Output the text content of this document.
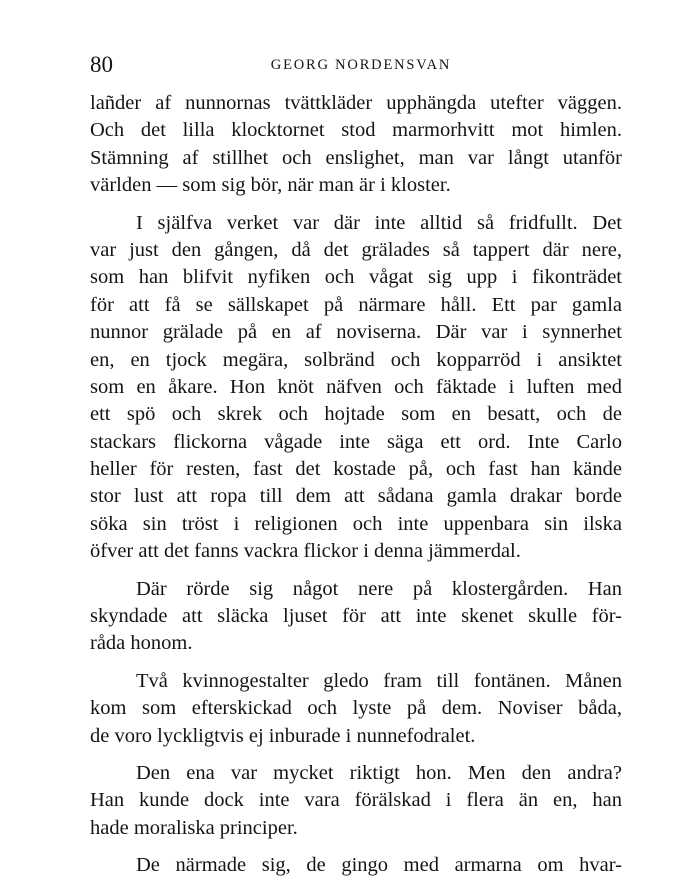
80	GEORG NORDENSVAN

lañder af nunnornas tvättkläder upphängda utefter väggen.
Och det lilla klocktornet stod marmorhvitt mot himlen.
Stämning af stillhet och enslighet, man var långt utanför
världen — som sig bör, när man är i kloster.

I själfva verket var där inte alltid så fridfullt. Det
var just den gången, då det grälades så tappert där nere,
som han blifvit nyfiken och vågat sig upp i fikonträdet
för att få se sällskapet på närmare håll. Ett par gamla
nunnor grälade på en af noviserna. Där var i synnerhet
en, en tjock megära, solbränd och kopparröd i ansiktet
som en åkare. Hon knöt näfven och fäktade i luften med
ett spö och skrek och hojtade som en besatt, och de
stackars flickorna vågade inte säga ett ord. Inte Carlo
heller för resten, fast det kostade på, och fast han kände
stor lust att ropa till dem att sådana gamla drakar borde
söka sin tröst i religionen och inte uppenbara sin ilska
öfver att det fanns vackra flickor i denna jämmerdal.

Där rörde sig något nere på klostergården. Han
skyndade att släcka ljuset för att inte skenet skulle för-
råda honom.

Två kvinnogestalter gledo fram till fontänen. Månen
kom som efterskickad och lyste på dem. Noviser båda,
de voro lyckligtvis ej inburade i nunnefodralet.

Den ena var mycket riktigt hon. Men den andra?
Han kunde dock inte vara förälskad i flera än en, han
hade moraliska principer.

De närmade sig, de gingo med armarna om hvar-
